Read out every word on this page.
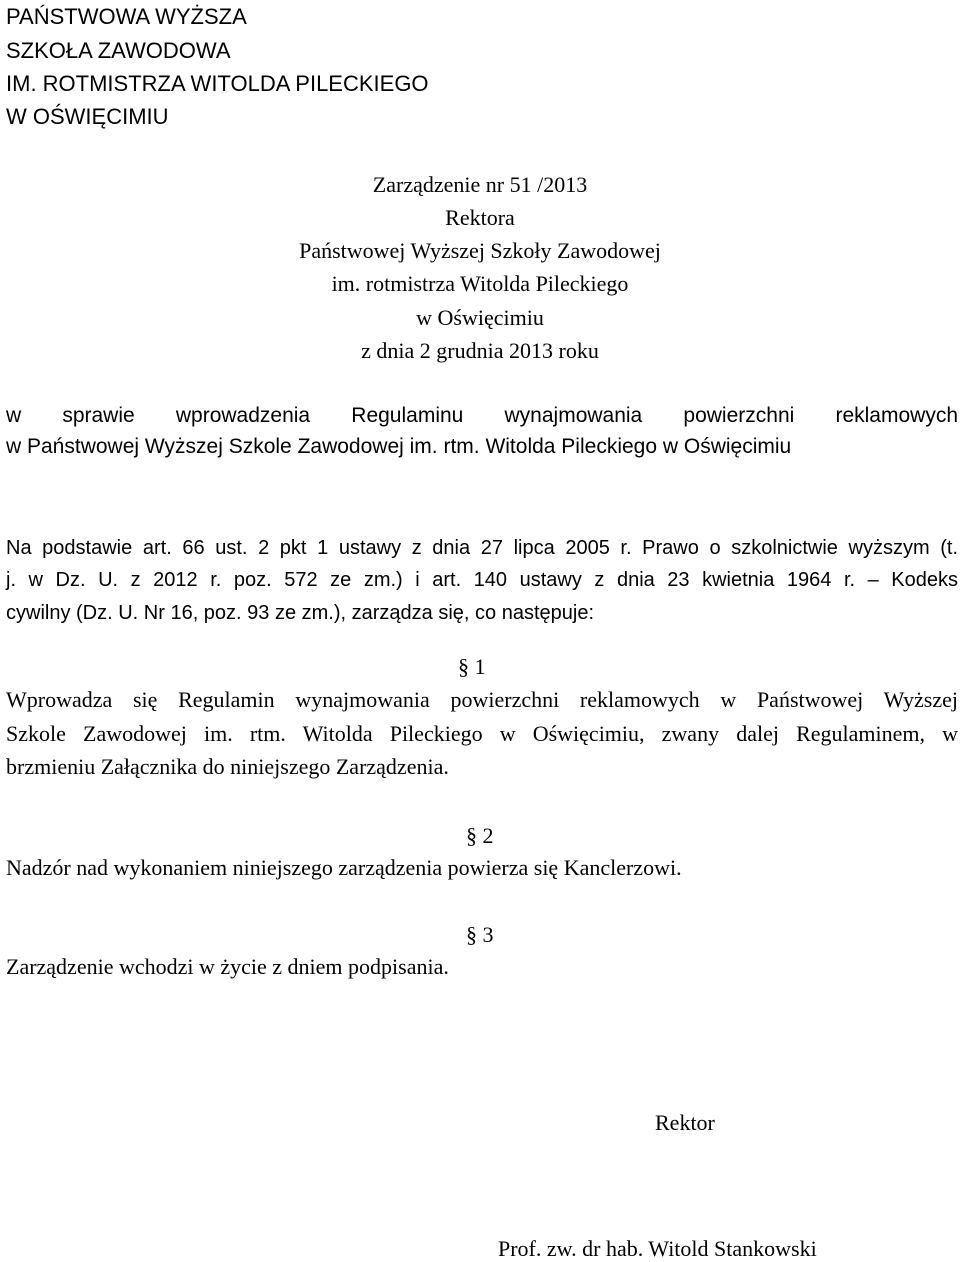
PAŃSTWOWA WYŻSZA
SZKOŁA ZAWODOWA
IM. ROTMISTRZA WITOLDA PILECKIEGO
W OŚWIĘCIMIU
Zarządzenie nr 51 /2013
Rektora
Państwowej Wyższej Szkoły Zawodowej
im. rotmistrza Witolda Pileckiego
w Oświęcimiu
z dnia 2 grudnia 2013 roku
w sprawie wprowadzenia Regulaminu wynajmowania powierzchni reklamowych
w Państwowej Wyższej Szkole Zawodowej im. rtm. Witolda Pileckiego w Oświęcimiu
Na podstawie art. 66 ust. 2 pkt 1 ustawy z dnia 27 lipca 2005 r. Prawo o szkolnictwie wyższym (t.
j. w Dz. U. z 2012 r. poz. 572 ze zm.) i art. 140 ustawy z dnia 23 kwietnia 1964 r. – Kodeks
cywilny (Dz. U. Nr 16, poz. 93 ze zm.), zarządza się, co następuje:
§ 1
Wprowadza się Regulamin wynajmowania powierzchni reklamowych w Państwowej Wyższej
Szkole Zawodowej im. rtm. Witolda Pileckiego w Oświęcimiu, zwany dalej Regulaminem, w
brzmieniu Załącznika do niniejszego Zarządzenia.
§ 2
Nadzór nad wykonaniem niniejszego zarządzenia powierza się Kanclerzowi.
§ 3
Zarządzenie wchodzi w życie z dniem podpisania.
Rektor
Prof. zw. dr hab. Witold Stankowski
